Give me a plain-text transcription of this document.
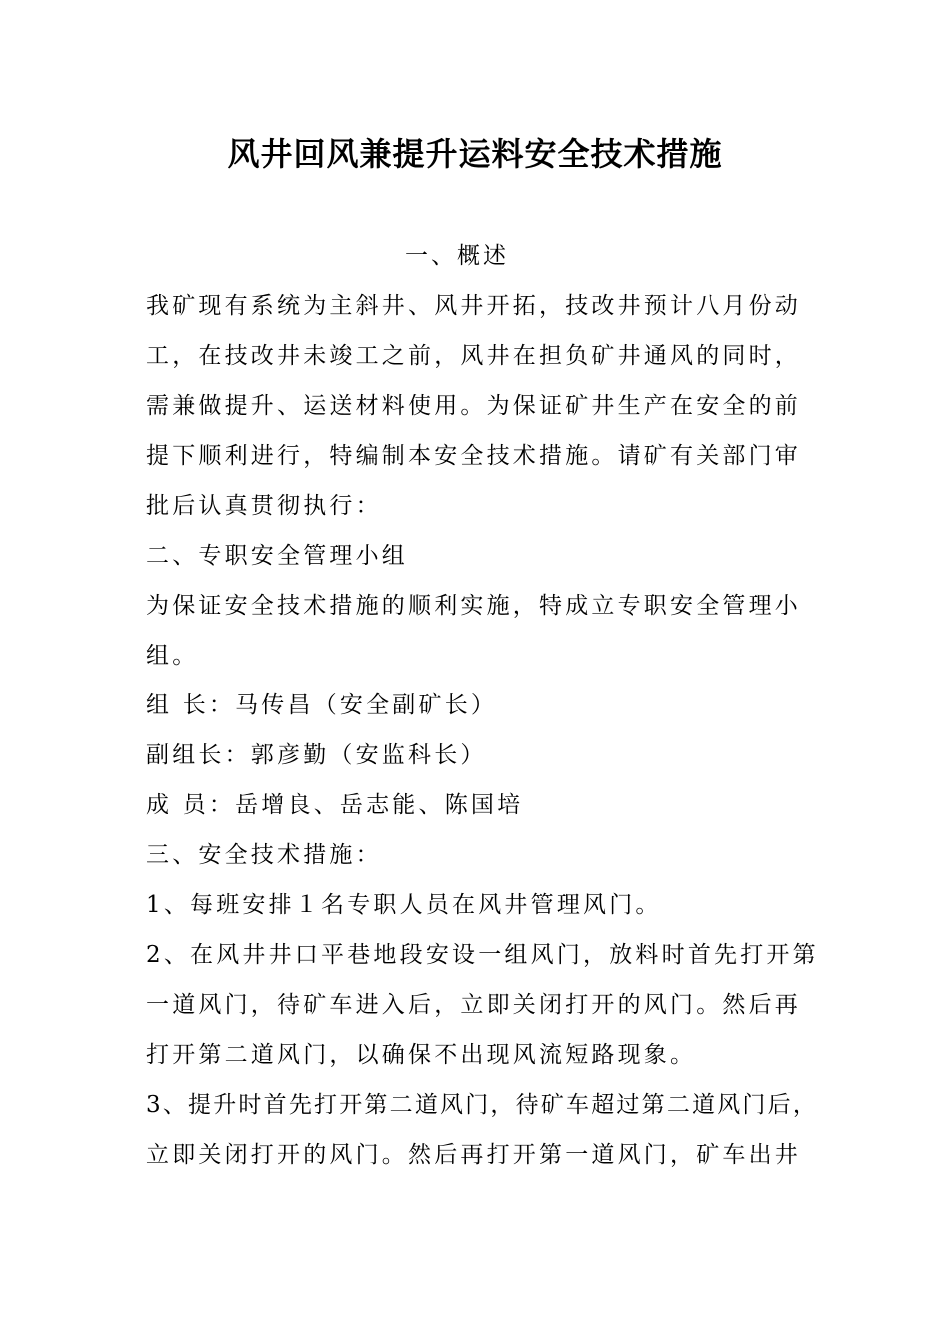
风井回风兼提升运料安全技术措施
一、概述
我矿现有系统为主斜井、风井开拓，技改井预计八月份动
工，在技改井未竣工之前，风井在担负矿井通风的同时，
需兼做提升、运送材料使用。为保证矿井生产在安全的前
提下顺利进行，特编制本安全技术措施。请矿有关部门审
批后认真贯彻执行：
二、专职安全管理小组
为保证安全技术措施的顺利实施，特成立专职安全管理小
组。
组 长：马传昌（安全副矿长）
副组长：郭彦勤（安监科长）
成 员：岳增良、岳志能、陈国培
三、安全技术措施：
1、每班安排１名专职人员在风井管理风门。
2、在风井井口平巷地段安设一组风门，放料时首先打开第
一道风门，待矿车进入后，立即关闭打开的风门。然后再
打开第二道风门，以确保不出现风流短路现象。
3、提升时首先打开第二道风门，待矿车超过第二道风门后，
立即关闭打开的风门。然后再打开第一道风门，矿车出井
